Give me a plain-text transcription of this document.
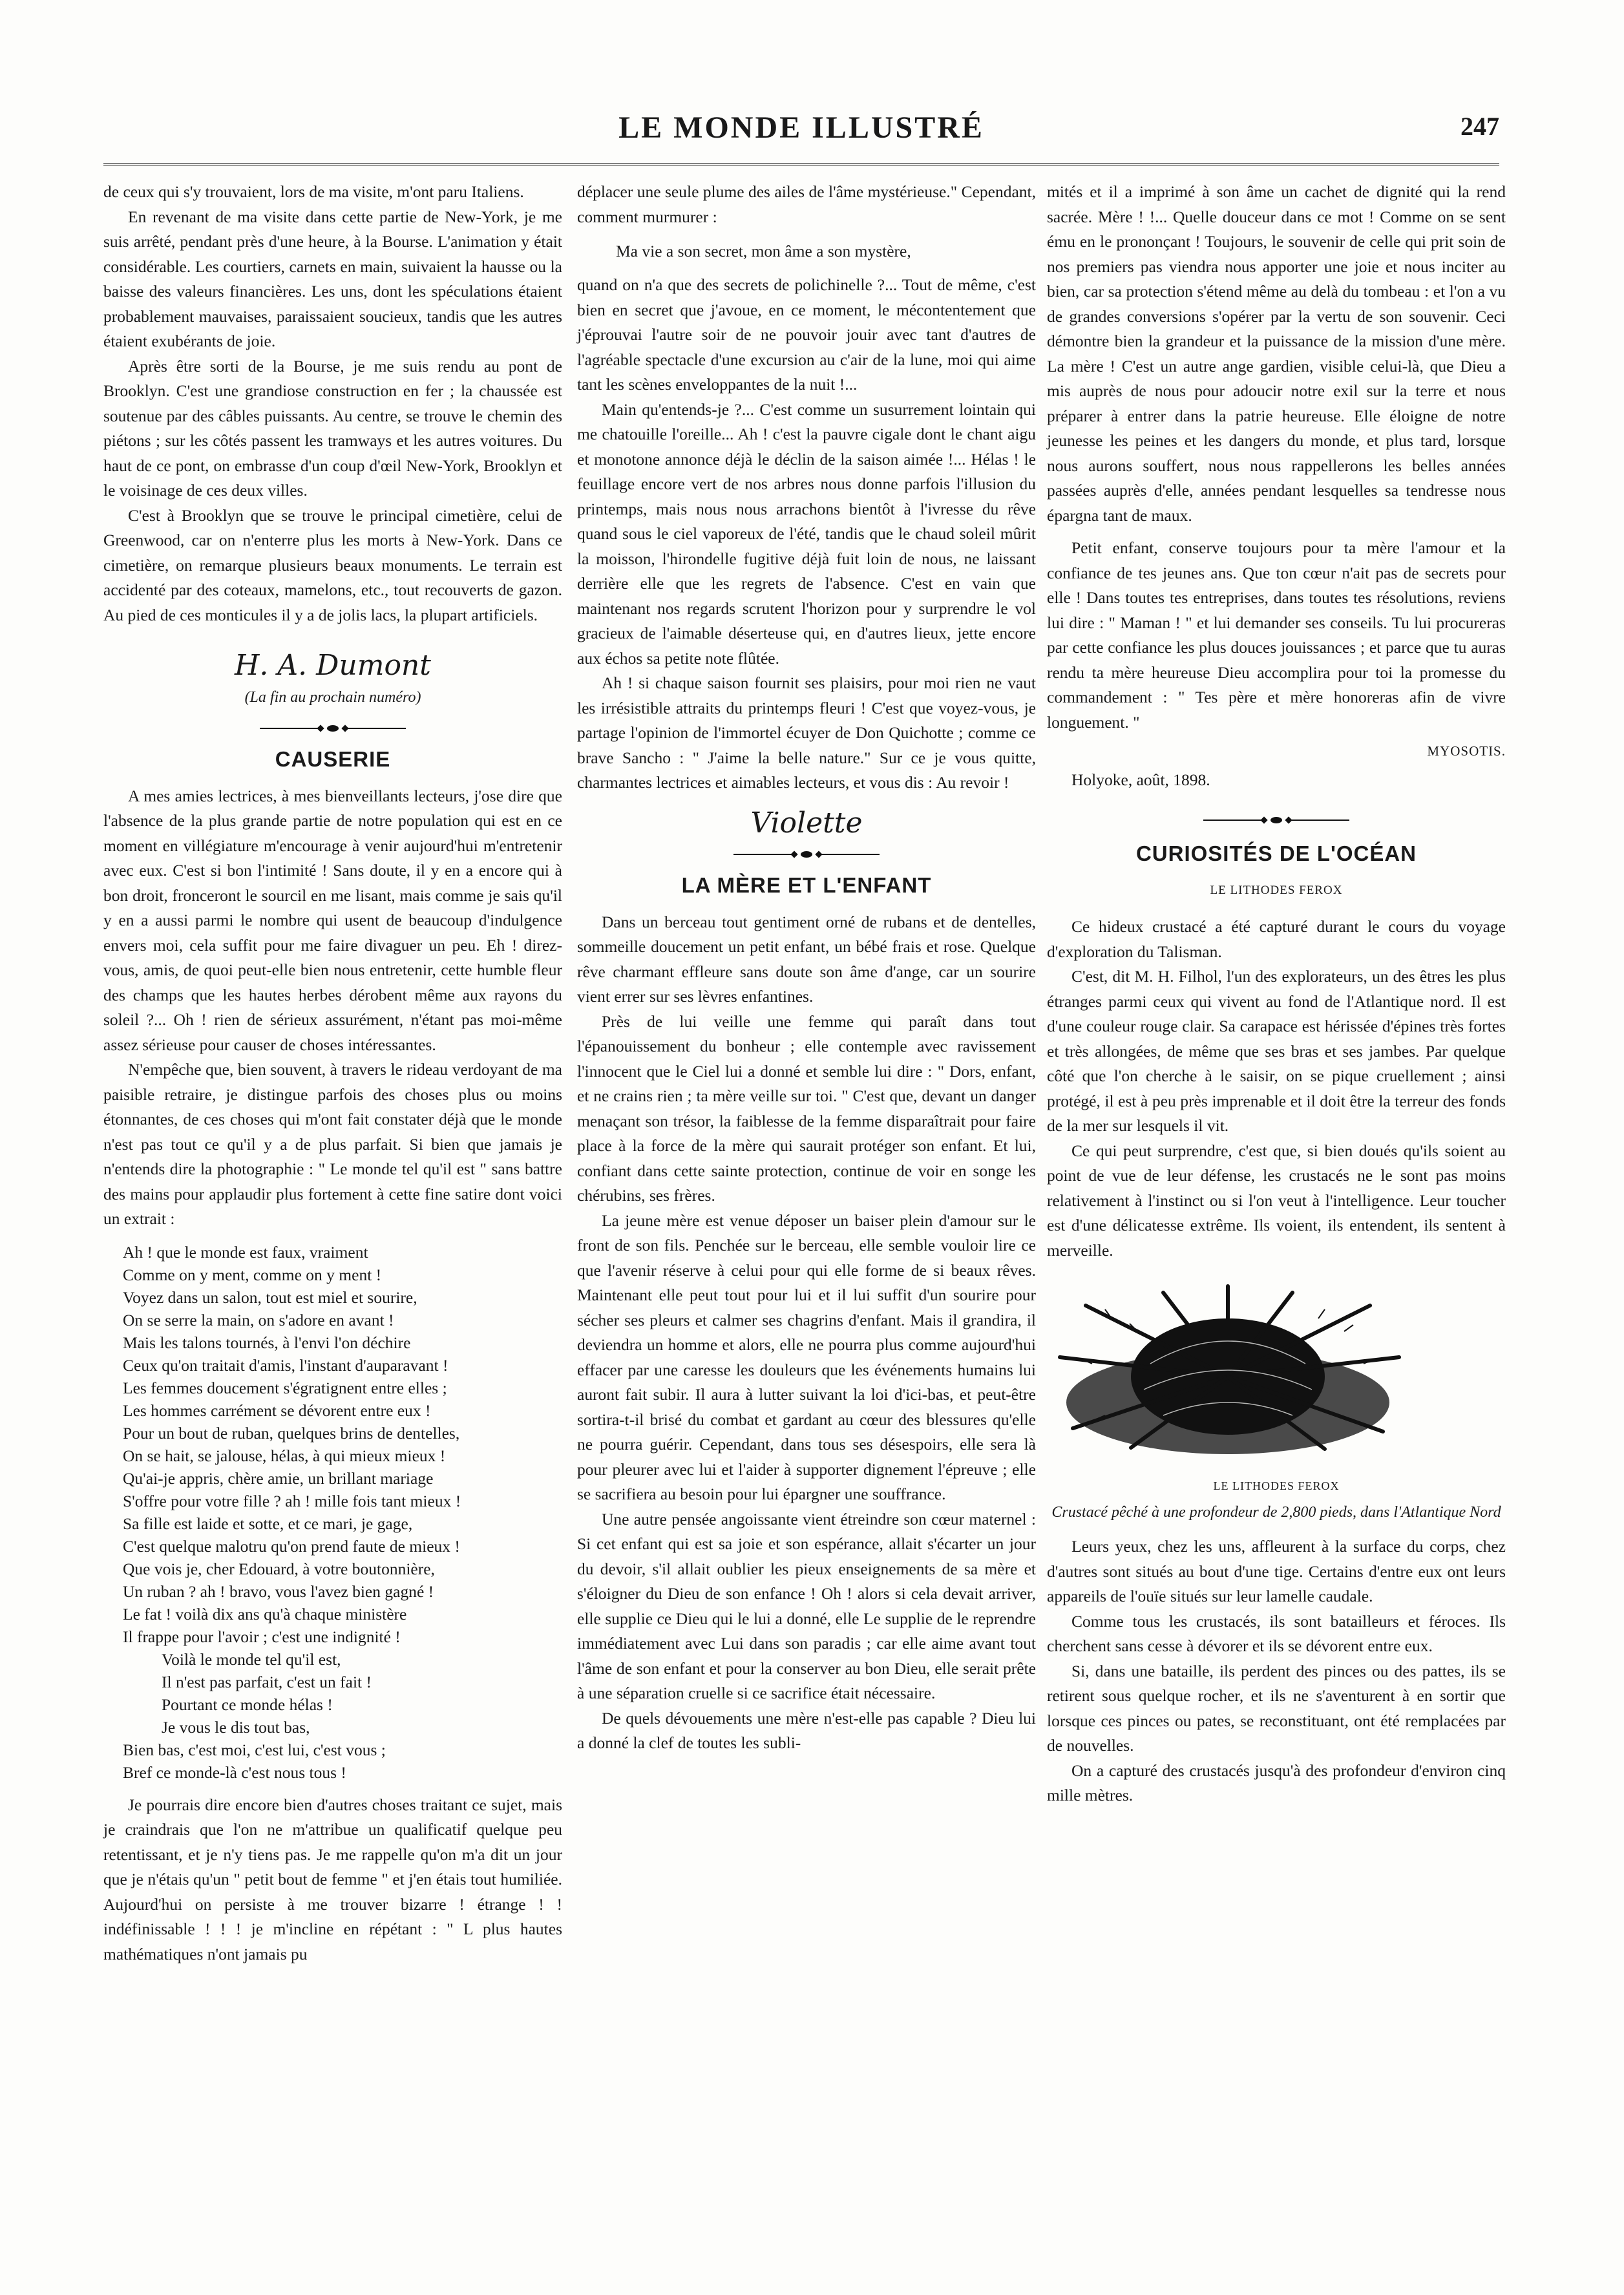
LE MONDE ILLUSTRÉ	247

de ceux qui s'y trouvaient, lors de ma visite, m'ont paru Italiens.

En revenant de ma visite dans cette partie de New-York, je me suis arrêté, pendant près d'une heure, à la Bourse. L'animation y était considérable. Les courtiers, carnets en main, suivaient la hausse ou la baisse des valeurs financières. Les uns, dont les spéculations étaient probablement mauvaises, paraissaient soucieux, tandis que les autres étaient exubérants de joie.

Après être sorti de la Bourse, je me suis rendu au pont de Brooklyn. C'est une grandiose construction en fer ; la chaussée est soutenue par des câbles puissants. Au centre, se trouve le chemin des piétons ; sur les côtés passent les tramways et les autres voitures. Du haut de ce pont, on embrasse d'un coup d'œil New-York, Brooklyn et le voisinage de ces deux villes.

C'est à Brooklyn que se trouve le principal cimetière, celui de Greenwood, car on n'enterre plus les morts à New-York. Dans ce cimetière, on remarque plusieurs beaux monuments. Le terrain est accidenté par des coteaux, mamelons, etc., tout recouverts de gazon. Au pied de ces monticules il y a de jolis lacs, la plupart artificiels.

H. A. Dumont
(La fin au prochain numéro)
CAUSERIE

A mes amies lectrices, à mes bienveillants lecteurs, j'ose dire que l'absence de la plus grande partie de notre population qui est en ce moment en villégiature m'encourage à venir aujourd'hui m'entretenir avec eux. C'est si bon l'intimité ! Sans doute, il y en a encore qui à bon droit, fronceront le sourcil en me lisant, mais comme je sais qu'il y en a aussi parmi le nombre qui usent de beaucoup d'indulgence envers moi, cela suffit pour me faire divaguer un peu. Eh ! direz-vous, amis, de quoi peut-elle bien nous entretenir, cette humble fleur des champs que les hautes herbes dérobent même aux rayons du soleil ?... Oh ! rien de sérieux assurément, n'étant pas moi-même assez sérieuse pour causer de choses intéressantes.

N'empêche que, bien souvent, à travers le rideau verdoyant de ma paisible retraire, je distingue parfois des choses plus ou moins étonnantes, de ces choses qui m'ont fait constater déjà que le monde n'est pas tout ce qu'il y a de plus parfait. Si bien que jamais je n'entends dire la photographie : " Le monde tel qu'il est " sans battre des mains pour applaudir plus fortement à cette fine satire dont voici un extrait :

Ah ! que le monde est faux, vraiment
Comme on y ment, comme on y ment !
Voyez dans un salon, tout est miel et sourire,
On se serre la main, on s'adore en avant !
Mais les talons tournés, à l'envi l'on déchire
Ceux qu'on traitait d'amis, l'instant d'auparavant !
Les femmes doucement s'égratignent entre elles ;
Les hommes carrément se dévorent entre eux !
Pour un bout de ruban, quelques brins de dentelles,
On se hait, se jalouse, hélas, à qui mieux mieux !
Qu'ai-je appris, chère amie, un brillant mariage
S'offre pour votre fille ? ah ! mille fois tant mieux !
Sa fille est laide et sotte, et ce mari, je gage,
C'est quelque malotru qu'on prend faute de mieux !
Que vois je, cher Edouard, à votre boutonnière,
Un ruban ? ah ! bravo, vous l'avez bien gagné !
Le fat ! voilà dix ans qu'à chaque ministère
Il frappe pour l'avoir ; c'est une indignité !
Voilà le monde tel qu'il est,
Il n'est pas parfait, c'est un fait !
Pourtant ce monde hélas !
Je vous le dis tout bas,
Bien bas, c'est moi, c'est lui, c'est vous ;
Bref ce monde-là c'est nous tous !

Je pourrais dire encore bien d'autres choses traitant ce sujet, mais je craindrais que l'on ne m'attribue un qualificatif quelque peu retentissant, et je n'y tiens pas. Je me rappelle qu'on m'a dit un jour que je n'étais qu'un " petit bout de femme " et j'en étais tout humiliée. Aujourd'hui on persiste à me trouver bizarre ! étrange ! ! indéfinissable ! ! ! je m'incline en répétant : " L plus hautes mathématiques n'ont jamais pu

déplacer une seule plume des ailes de l'âme mystérieuse." Cependant, comment murmurer :

Ma vie a son secret, mon âme a son mystère,

quand on n'a que des secrets de polichinelle ?... Tout de même, c'est bien en secret que j'avoue, en ce moment, le mécontentement que j'éprouvai l'autre soir de ne pouvoir jouir avec tant d'autres de l'agréable spectacle d'une excursion au c'air de la lune, moi qui aime tant les scènes enveloppantes de la nuit !...

Main qu'entends-je ?... C'est comme un susurrement lointain qui me chatouille l'oreille... Ah ! c'est la pauvre cigale dont le chant aigu et monotone annonce déjà le déclin de la saison aimée !... Hélas ! le feuillage encore vert de nos arbres nous donne parfois l'illusion du printemps, mais nous nous arrachons bientôt à l'ivresse du rêve quand sous le ciel vaporeux de l'été, tandis que le chaud soleil mûrit la moisson, l'hirondelle fugitive déjà fuit loin de nous, ne laissant derrière elle que les regrets de l'absence. C'est en vain que maintenant nos regards scrutent l'horizon pour y surprendre le vol gracieux de l'aimable déserteuse qui, en d'autres lieux, jette encore aux échos sa petite note flûtée.

Ah ! si chaque saison fournit ses plaisirs, pour moi rien ne vaut les irrésistible attraits du printemps fleuri ! C'est que voyez-vous, je partage l'opinion de l'immortel écuyer de Don Quichotte ; comme ce brave Sancho : " J'aime la belle nature." Sur ce je vous quitte, charmantes lectrices et aimables lecteurs, et vous dis : Au revoir !

Violette
LA MÈRE ET L'ENFANT

Dans un berceau tout gentiment orné de rubans et de dentelles, sommeille doucement un petit enfant, un bébé frais et rose. Quelque rêve charmant effleure sans doute son âme d'ange, car un sourire vient errer sur ses lèvres enfantines.

Près de lui veille une femme qui paraît dans tout l'épanouissement du bonheur ; elle contemple avec ravissement l'innocent que le Ciel lui a donné et semble lui dire : " Dors, enfant, et ne crains rien ; ta mère veille sur toi. " C'est que, devant un danger menaçant son trésor, la faiblesse de la femme disparaîtrait pour faire place à la force de la mère qui saurait protéger son enfant. Et lui, confiant dans cette sainte protection, continue de voir en songe les chérubins, ses frères.

La jeune mère est venue déposer un baiser plein d'amour sur le front de son fils. Penchée sur le berceau, elle semble vouloir lire ce que l'avenir réserve à celui pour qui elle forme de si beaux rêves. Maintenant elle peut tout pour lui et il lui suffit d'un sourire pour sécher ses pleurs et calmer ses chagrins d'enfant. Mais il grandira, il deviendra un homme et alors, elle ne pourra plus comme aujourd'hui effacer par une caresse les douleurs que les événements humains lui auront fait subir. Il aura à lutter suivant la loi d'ici-bas, et peut-être sortira-t-il brisé du combat et gardant au cœur des blessures qu'elle ne pourra guérir. Cependant, dans tous ses désespoirs, elle sera là pour pleurer avec lui et l'aider à supporter dignement l'épreuve ; elle se sacrifiera au besoin pour lui épargner une souffrance.

Une autre pensée angoissante vient étreindre son cœur maternel : Si cet enfant qui est sa joie et son espérance, allait s'écarter un jour du devoir, s'il allait oublier les pieux enseignements de sa mère et s'éloigner du Dieu de son enfance ! Oh ! alors si cela devait arriver, elle supplie ce Dieu qui le lui a donné, elle Le supplie de le reprendre immédiatement avec Lui dans son paradis ; car elle aime avant tout l'âme de son enfant et pour la conserver au bon Dieu, elle serait prête à une séparation cruelle si ce sacrifice était nécessaire.

De quels dévouements une mère n'est-elle pas capable ? Dieu lui a donné la clef de toutes les subli-

mités et il a imprimé à son âme un cachet de dignité qui la rend sacrée. Mère ! !... Quelle douceur dans ce mot ! Comme on se sent ému en le prononçant ! Toujours, le souvenir de celle qui prit soin de nos premiers pas viendra nous apporter une joie et nous inciter au bien, car sa protection s'étend même au delà du tombeau : et l'on a vu de grandes conversions s'opérer par la vertu de son souvenir. Ceci démontre bien la grandeur et la puissance de la mission d'une mère. La mère ! C'est un autre ange gardien, visible celui-là, que Dieu a mis auprès de nous pour adoucir notre exil sur la terre et nous préparer à entrer dans la patrie heureuse. Elle éloigne de notre jeunesse les peines et les dangers du monde, et plus tard, lorsque nous aurons souffert, nous nous rappellerons les belles années passées auprès d'elle, années pendant lesquelles sa tendresse nous épargna tant de maux.

Petit enfant, conserve toujours pour ta mère l'amour et la confiance de tes jeunes ans. Que ton cœur n'ait pas de secrets pour elle ! Dans toutes tes entreprises, dans toutes tes résolutions, reviens lui dire : " Maman ! " et lui demander ses conseils. Tu lui procureras par cette confiance les plus douces jouissances ; et parce que tu auras rendu ta mère heureuse Dieu accomplira pour toi la promesse du commandement : " Tes père et mère honoreras afin de vivre longuement. "

MYOSOTIS.

Holyoke, août, 1898.

CURIOSITÉS DE L'OCÉAN
LE LITHODES FEROX

Ce hideux crustacé a été capturé durant le cours du voyage d'exploration du Talisman.

C'est, dit M. H. Filhol, l'un des explorateurs, un des êtres les plus étranges parmi ceux qui vivent au fond de l'Atlantique nord. Il est d'une couleur rouge clair. Sa carapace est hérissée d'épines très fortes et très allongées, de même que ses bras et ses jambes. Par quelque côté que l'on cherche à le saisir, on se pique cruellement ; ainsi protégé, il est à peu près imprenable et il doit être la terreur des fonds de la mer sur lesquels il vit.

Ce qui peut surprendre, c'est que, si bien doués qu'ils soient au point de vue de leur défense, les crustacés ne le sont pas moins relativement à l'instinct ou si l'on veut à l'intelligence. Leur toucher est d'une délicatesse extrême. Ils voient, ils entendent, ils sentent à merveille.

LE LITHODES FEROX
Crustacé pêché à une profondeur de 2,800 pieds, dans l'Atlantique Nord

Leurs yeux, chez les uns, affleurent à la surface du corps, chez d'autres sont situés au bout d'une tige. Certains d'entre eux ont leurs appareils de l'ouïe situés sur leur lamelle caudale.

Comme tous les crustacés, ils sont batailleurs et féroces. Ils cherchent sans cesse à dévorer et ils se dévorent entre eux.

Si, dans une bataille, ils perdent des pinces ou des pattes, ils se retirent sous quelque rocher, et ils ne s'aventurent à en sortir que lorsque ces pinces ou pates, se reconstituant, ont été remplacées par de nouvelles.

On a capturé des crustacés jusqu'à des profondeur d'environ cinq mille mètres.
